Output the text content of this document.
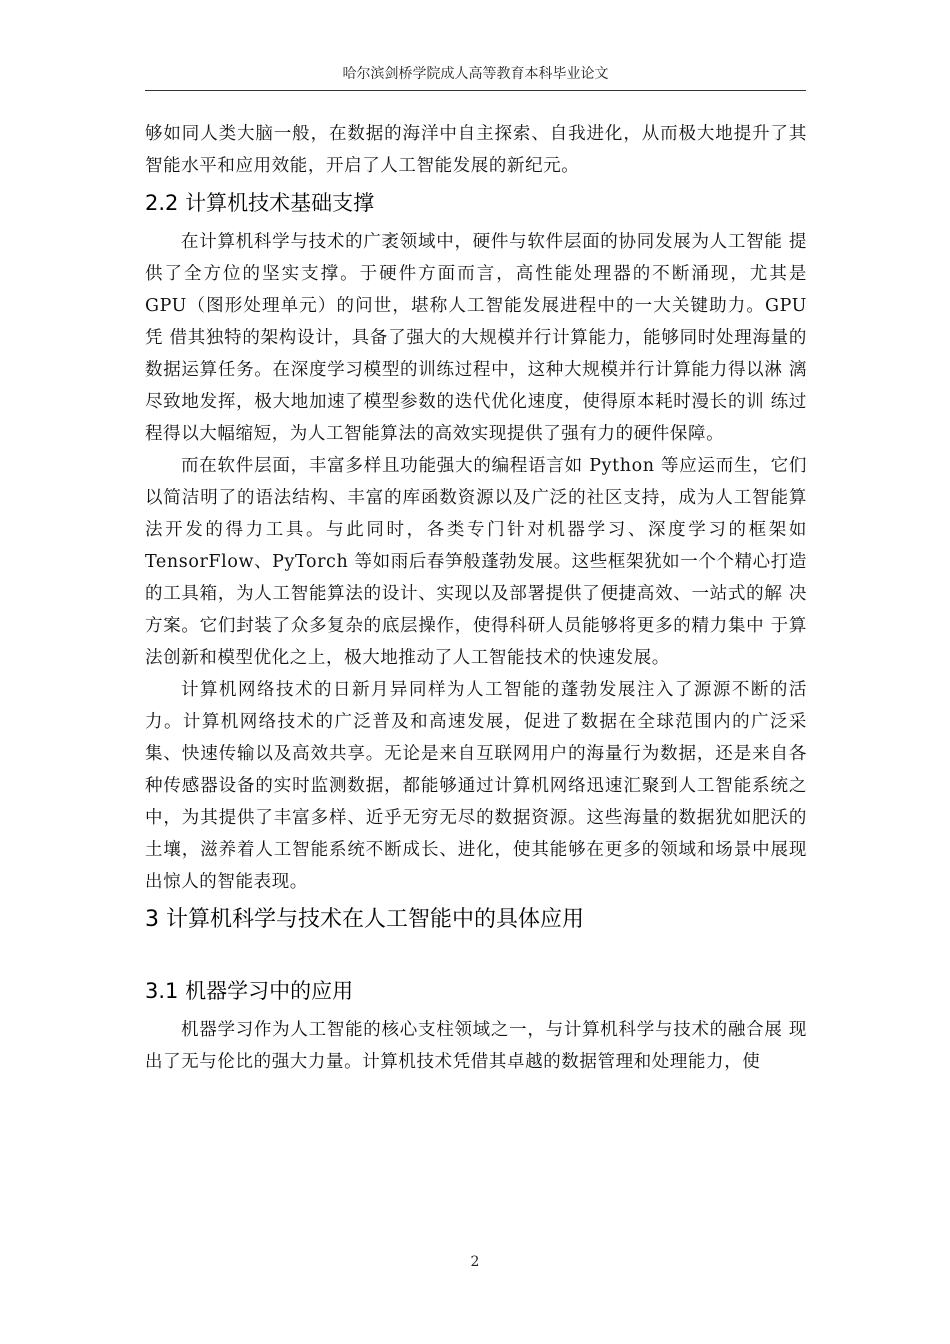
哈尔滨剑桥学院成人高等教育本科毕业论文

够如同人类大脑一般，在数据的海洋中自主探索、自我进化，从而极大地提升了其智能水平和应用效能，开启了人工智能发展的新纪元。

2.2 计算机技术基础支撑

在计算机科学与技术的广袤领域中，硬件与软件层面的协同发展为人工智能 提供了全方位的坚实支撑。于硬件方面而言，高性能处理器的不断涌现，尤其是 GPU（图形处理单元）的问世，堪称人工智能发展进程中的一大关键助力。GPU 凭 借其独特的架构设计，具备了强大的大规模并行计算能力，能够同时处理海量的 数据运算任务。在深度学习模型的训练过程中，这种大规模并行计算能力得以淋 漓尽致地发挥，极大地加速了模型参数的迭代优化速度，使得原本耗时漫长的训 练过程得以大幅缩短，为人工智能算法的高效实现提供了强有力的硬件保障。

而在软件层面，丰富多样且功能强大的编程语言如 Python 等应运而生，它们以简洁明了的语法结构、丰富的库函数资源以及广泛的社区支持，成为人工智能算法开发的得力工具。与此同时，各类专门针对机器学习、深度学习的框架如TensorFlow、PyTorch 等如雨后春笋般蓬勃发展。这些框架犹如一个个精心打造 的工具箱，为人工智能算法的设计、实现以及部署提供了便捷高效、一站式的解 决方案。它们封装了众多复杂的底层操作，使得科研人员能够将更多的精力集中 于算法创新和模型优化之上，极大地推动了人工智能技术的快速发展。

计算机网络技术的日新月异同样为人工智能的蓬勃发展注入了源源不断的活力。计算机网络技术的广泛普及和高速发展，促进了数据在全球范围内的广泛采集、快速传输以及高效共享。无论是来自互联网用户的海量行为数据，还是来自各种传感器设备的实时监测数据，都能够通过计算机网络迅速汇聚到人工智能系统之中，为其提供了丰富多样、近乎无穷无尽的数据资源。这些海量的数据犹如肥沃的土壤，滋养着人工智能系统不断成长、进化，使其能够在更多的领域和场景中展现出惊人的智能表现。

3 计算机科学与技术在人工智能中的具体应用
3.1 机器学习中的应用

机器学习作为人工智能的核心支柱领域之一，与计算机科学与技术的融合展 现出了无与伦比的强大力量。计算机技术凭借其卓越的数据管理和处理能力，使

2
